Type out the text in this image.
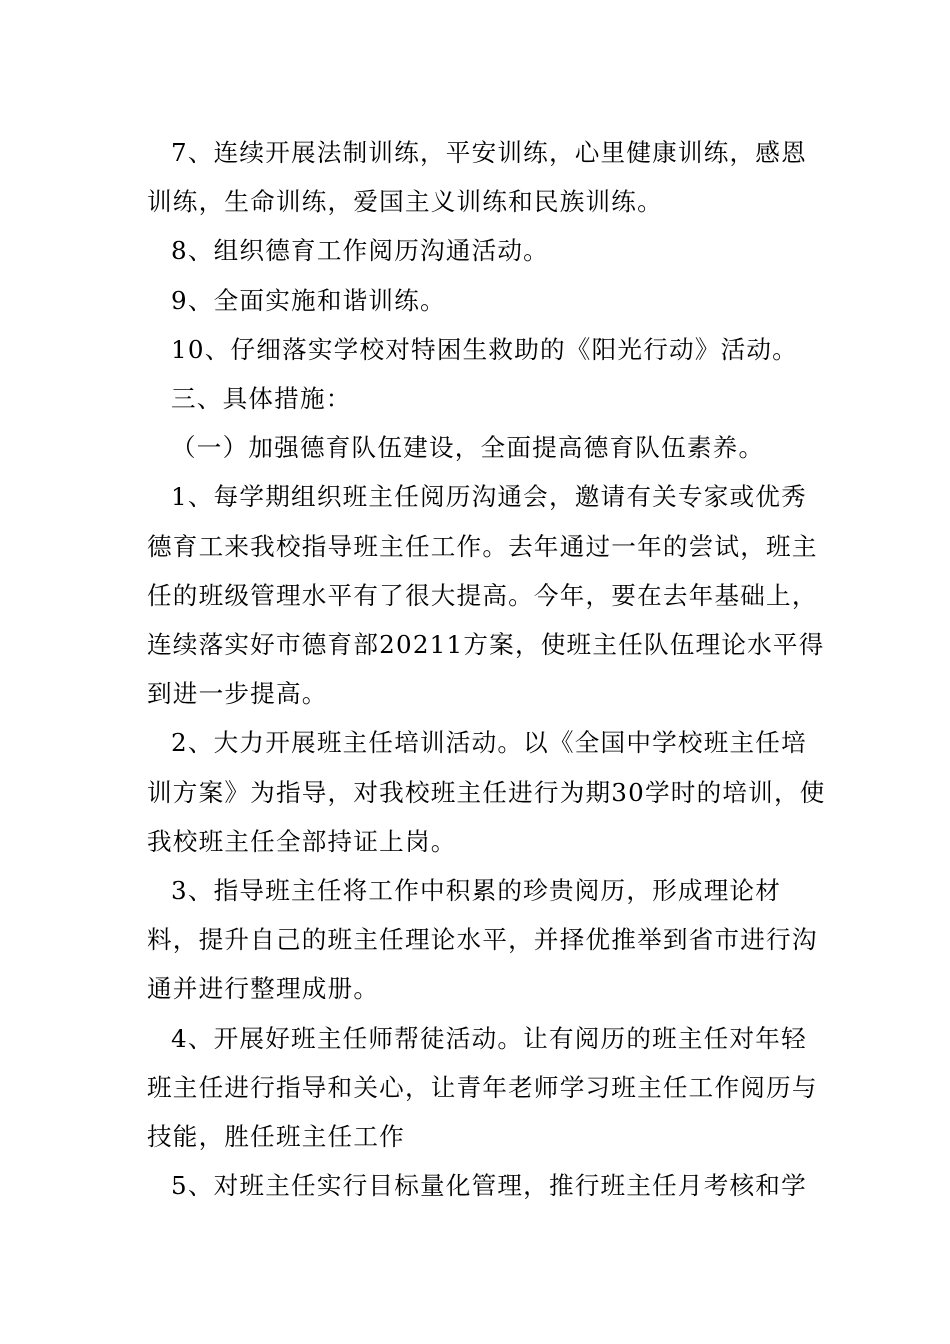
7、连续开展法制训练，平安训练，心里健康训练，感恩训练，生命训练，爱国主义训练和民族训练。

8、组织德育工作阅历沟通活动。

9、全面实施和谐训练。

10、仔细落实学校对特困生救助的《阳光行动》活动。

三、具体措施：

（一）加强德育队伍建设，全面提高德育队伍素养。

1、每学期组织班主任阅历沟通会，邀请有关专家或优秀德育工来我校指导班主任工作。去年通过一年的尝试，班主任的班级管理水平有了很大提高。今年，要在去年基础上，连续落实好市德育部20211方案，使班主任队伍理论水平得到进一步提高。

2、大力开展班主任培训活动。以《全国中学校班主任培训方案》为指导，对我校班主任进行为期30学时的培训，使我校班主任全部持证上岗。

3、指导班主任将工作中积累的珍贵阅历，形成理论材料，提升自己的班主任理论水平，并择优推举到省市进行沟通并进行整理成册。

4、开展好班主任师帮徒活动。让有阅历的班主任对年轻班主任进行指导和关心，让青年老师学习班主任工作阅历与技能，胜任班主任工作

5、对班主任实行目标量化管理，推行班主任月考核和学
